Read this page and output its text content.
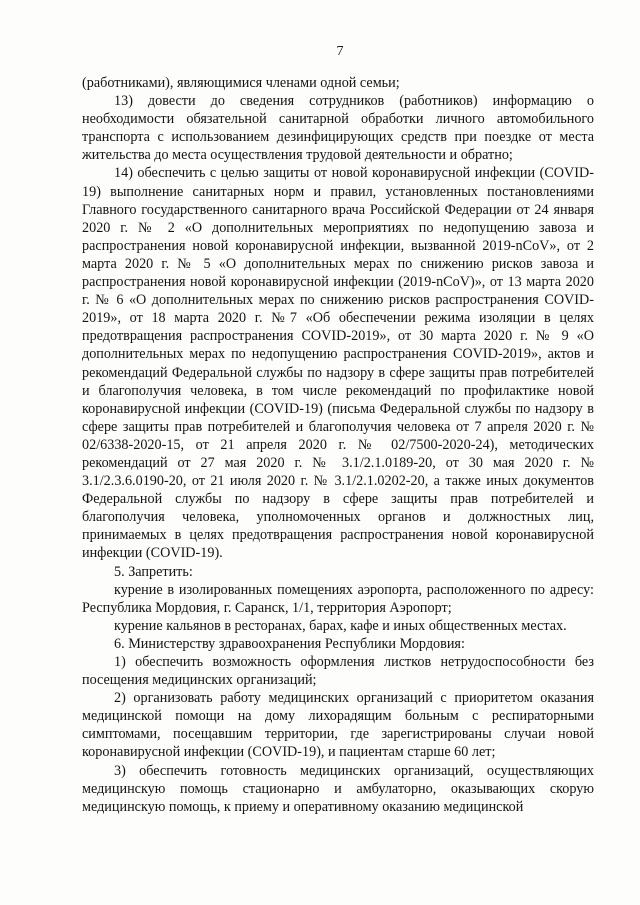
7

(работниками), являющимися членами одной семьи;

13) довести до сведения сотрудников (работников) информацию о необходимости обязательной санитарной обработки личного автомобильного транспорта с использованием дезинфицирующих средств при поездке от места жительства до места осуществления трудовой деятельности и обратно;

14) обеспечить с целью защиты от новой коронавирусной инфекции (COVID-19) выполнение санитарных норм и правил, установленных постановлениями Главного государственного санитарного врача Российской Федерации от 24 января 2020 г. № 2 «О дополнительных мероприятиях по недопущению завоза и распространения новой коронавирусной инфекции, вызванной 2019-nCoV», от 2 марта 2020 г. № 5 «О дополнительных мерах по снижению рисков завоза и распространения новой коронавирусной инфекции (2019-nCoV)», от 13 марта 2020 г. № 6 «О дополнительных мерах по снижению рисков распространения COVID-2019», от 18 марта 2020 г. №7 «Об обеспечении режима изоляции в целях предотвращения распространения COVID-2019», от 30 марта 2020 г. № 9 «О дополнительных мерах по недопущению распространения COVID-2019», актов и рекомендаций Федеральной службы по надзору в сфере защиты прав потребителей и благополучия человека, в том числе рекомендаций по профилактике новой коронавирусной инфекции (COVID-19) (письма Федеральной службы по надзору в сфере защиты прав потребителей и благополучия человека от 7 апреля 2020 г. № 02/6338-2020-15, от 21 апреля 2020 г. № 02/7500-2020-24), методических рекомендаций от 27 мая 2020 г. № 3.1/2.1.0189-20, от 30 мая 2020 г. № 3.1/2.3.6.0190-20, от 21 июля 2020 г. № 3.1/2.1.0202-20, а также иных документов Федеральной службы по надзору в сфере защиты прав потребителей и благополучия человека, уполномоченных органов и должностных лиц, принимаемых в целях предотвращения распространения новой коронавирусной инфекции (COVID-19).

5. Запретить:

курение в изолированных помещениях аэропорта, расположенного по адресу: Республика Мордовия, г. Саранск, 1/1, территория Аэропорт;

курение кальянов в ресторанах, барах, кафе и иных общественных местах.

6. Министерству здравоохранения Республики Мордовия:

1) обеспечить возможность оформления листков нетрудоспособности без посещения медицинских организаций;

2) организовать работу медицинских организаций с приоритетом оказания медицинской помощи на дому лихорадящим больным с респираторными симптомами, посещавшим территории, где зарегистрированы случаи новой коронавирусной инфекции (COVID-19), и пациентам старше 60 лет;

3) обеспечить готовность медицинских организаций, осуществляющих медицинскую помощь стационарно и амбулаторно, оказывающих скорую медицинскую помощь, к приему и оперативному оказанию медицинской
